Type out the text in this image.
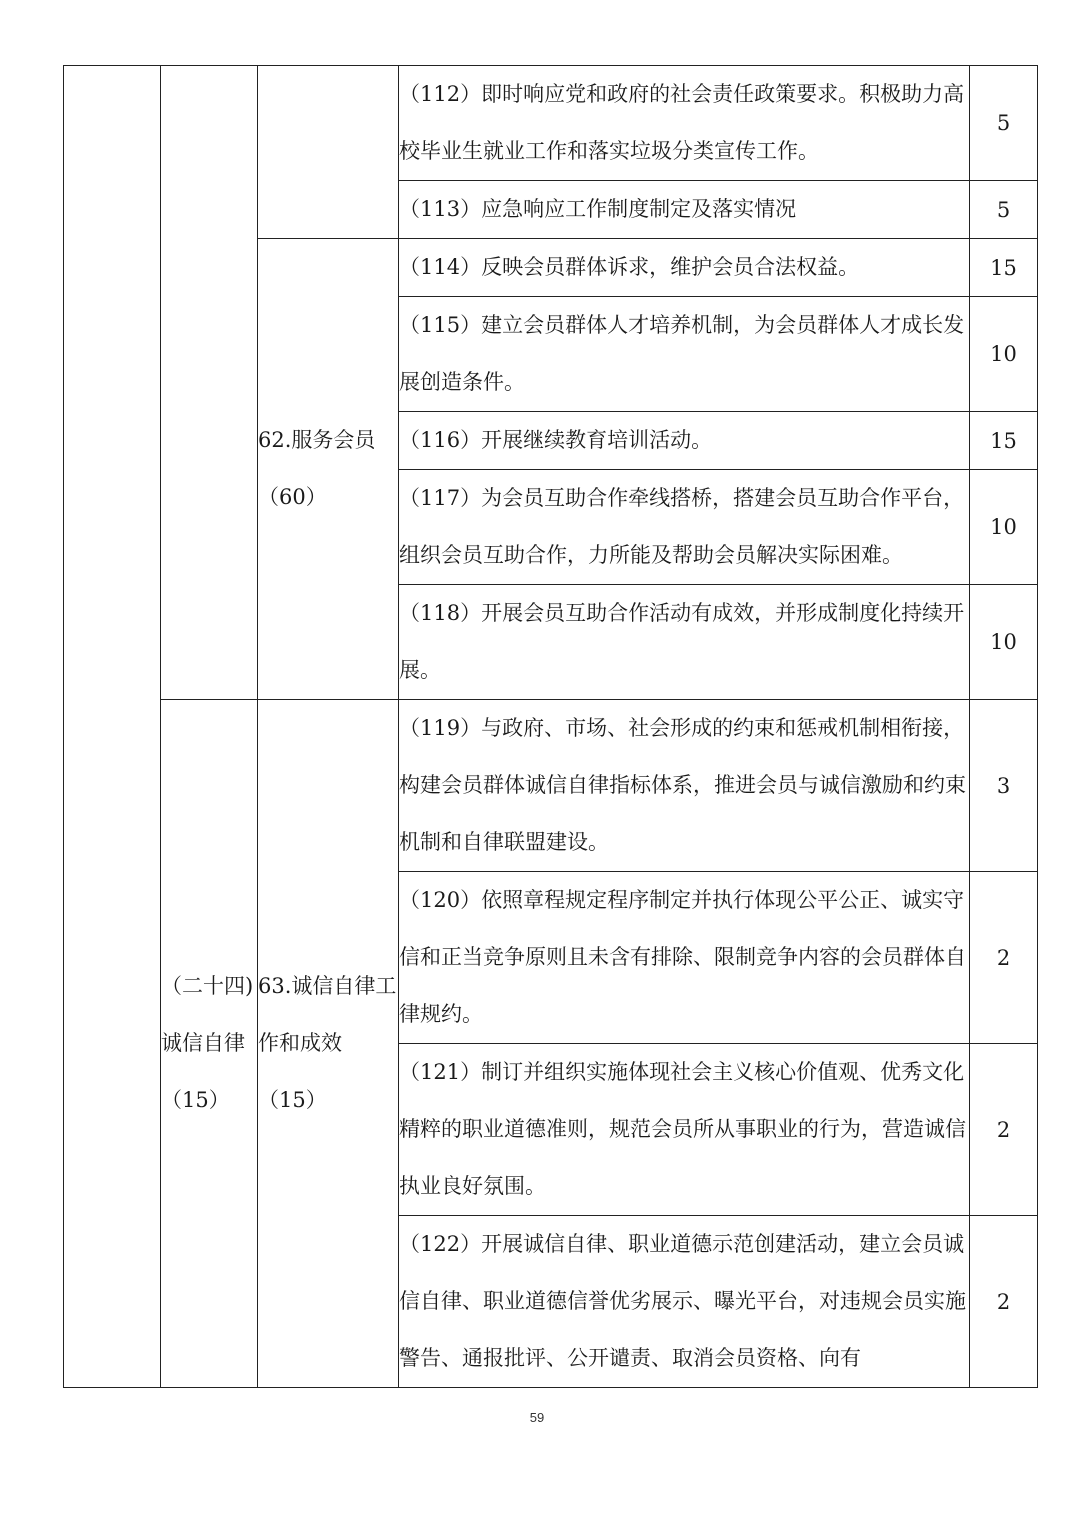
			（112）即时响应党和政府的社会责任政策要求。积极助力高校毕业生就业工作和落实垃圾分类宣传工作。	5
			（113）应急响应工作制度制定及落实情况	5
		62.服务会员（60）	（114）反映会员群体诉求，维护会员合法权益。	15
			（115）建立会员群体人才培养机制，为会员群体人才成长发展创造条件。	10
			（116）开展继续教育培训活动。	15
			（117）为会员互助合作牵线搭桥，搭建会员互助合作平台，组织会员互助合作，力所能及帮助会员解决实际困难。	10
			（118）开展会员互助合作活动有成效，并形成制度化持续开展。	10
	（二十四)诚信自律（15）	63.诚信自律工作和成效（15）	（119）与政府、市场、社会形成的约束和惩戒机制相衔接，构建会员群体诚信自律指标体系，推进会员与诚信激励和约束机制和自律联盟建设。	3
			（120）依照章程规定程序制定并执行体现公平公正、诚实守信和正当竞争原则且未含有排除、限制竞争内容的会员群体自律规约。	2
			（121）制订并组织实施体现社会主义核心价值观、优秀文化精粹的职业道德准则，规范会员所从事职业的行为，营造诚信执业良好氛围。	2
			（122）开展诚信自律、职业道德示范创建活动，建立会员诚信自律、职业道德信誉优劣展示、曝光平台，对违规会员实施警告、通报批评、公开谴责、取消会员资格、向有	2
59
